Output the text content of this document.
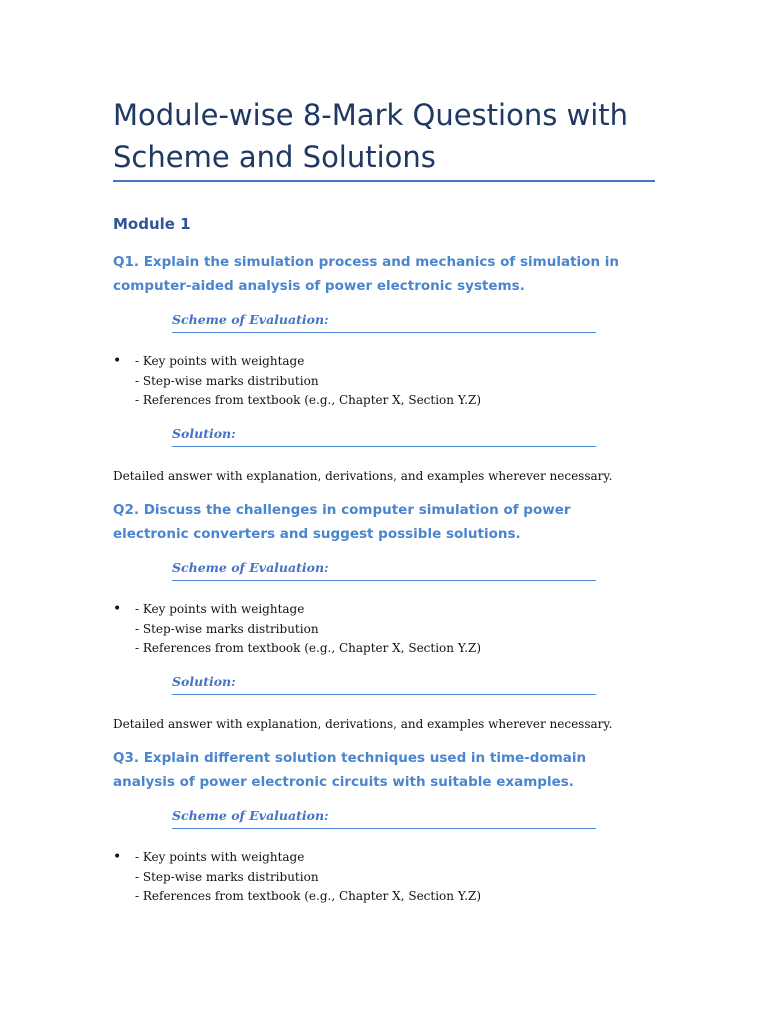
Module-wise 8-Mark Questions with Scheme and Solutions
Module 1

Q1. Explain the simulation process and mechanics of simulation in computer-aided analysis of power electronic systems.

Scheme of Evaluation:
• - Key points with weightage
- Step-wise marks distribution
- References from textbook (e.g., Chapter X, Section Y.Z)
Solution:

Detailed answer with explanation, derivations, and examples wherever necessary.

Q2. Discuss the challenges in computer simulation of power electronic converters and suggest possible solutions.

Scheme of Evaluation:
• - Key points with weightage
- Step-wise marks distribution
- References from textbook (e.g., Chapter X, Section Y.Z)
Solution:

Detailed answer with explanation, derivations, and examples wherever necessary.

Q3. Explain different solution techniques used in time-domain analysis of power electronic circuits with suitable examples.

Scheme of Evaluation:
• - Key points with weightage
- Step-wise marks distribution
- References from textbook (e.g., Chapter X, Section Y.Z)
